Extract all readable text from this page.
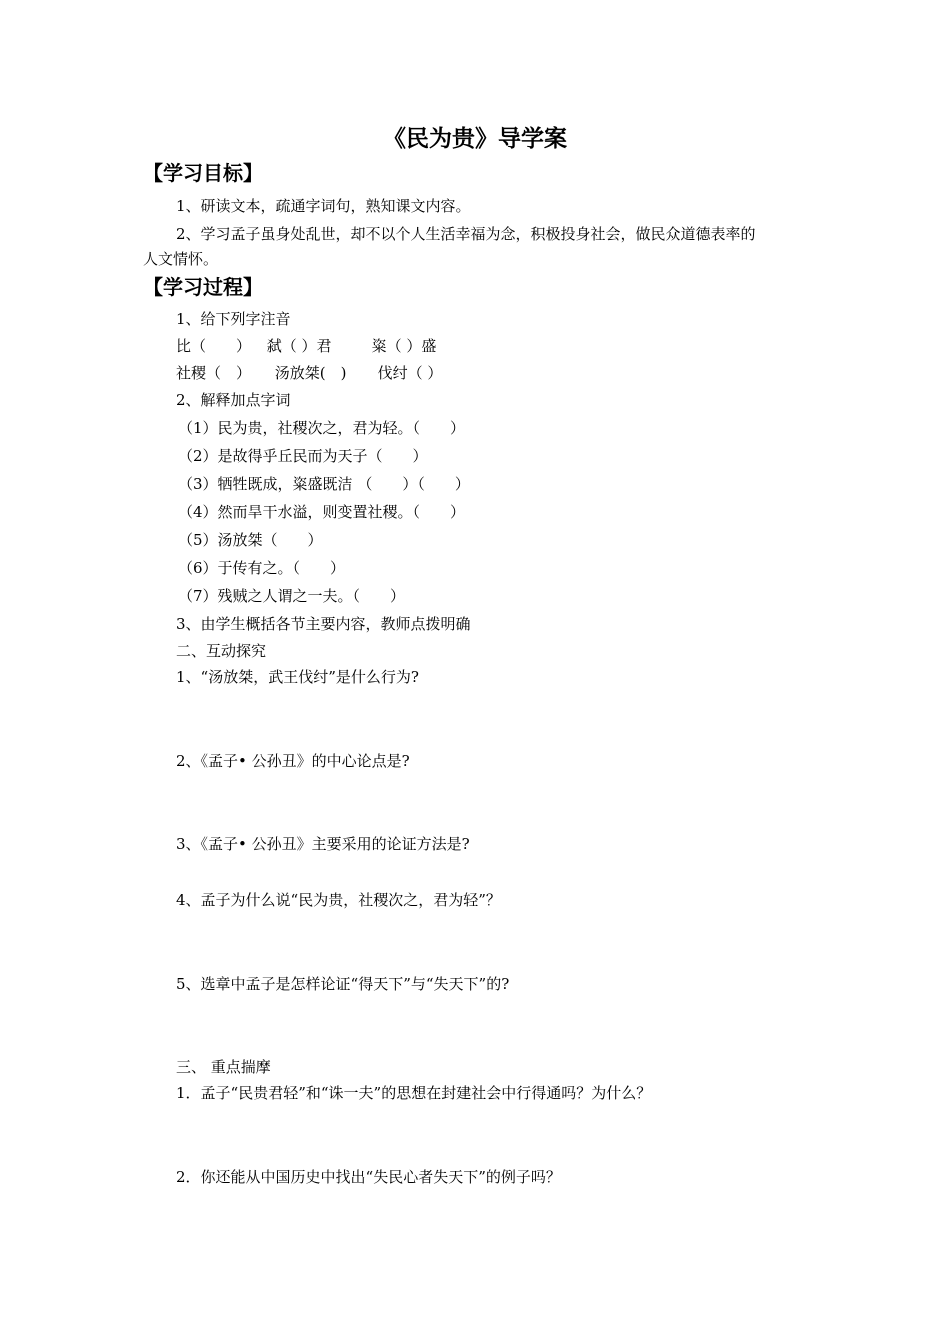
《民为贵》导学案
【学习目标】
1、研读文本，疏通字词句，熟知课文内容。
2、学习孟子虽身处乱世，却不以个人生活幸福为念，积极投身社会，做民众道德表率的
人文情怀。
【学习过程】
1、给下列字注音
比（　　） 弑（ ）君	粢（ ）盛
社稷（　） 汤放桀(　) 伐纣（ ）
2、解释加点字词
（1）民为贵，社稷次之，君为轻。（　　）
（2）是故得乎丘民而为天子（　　）
（3）牺牲既成，粢盛既洁 （　　）（　　）
（4）然而旱干水溢，则变置社稷。（　　）
（5）汤放桀（　　）
（6）于传有之。（　　）
（7）残贼之人谓之一夫。（　　）
3、由学生概括各节主要内容，教师点拨明确
二、互动探究
1、“汤放桀，武王伐纣”是什么行为?
2、《孟子• 公孙丑》的中心论点是?
3、《孟子• 公孙丑》主要采用的论证方法是?
4、孟子为什么说“民为贵，社稷次之，君为轻”？
5、选章中孟子是怎样论证“得天下”与“失天下”的?
三、 重点揣摩
1．孟子“民贵君轻”和“诛一夫”的思想在封建社会中行得通吗？为什么？
2．你还能从中国历史中找出“失民心者失天下”的例子吗？
